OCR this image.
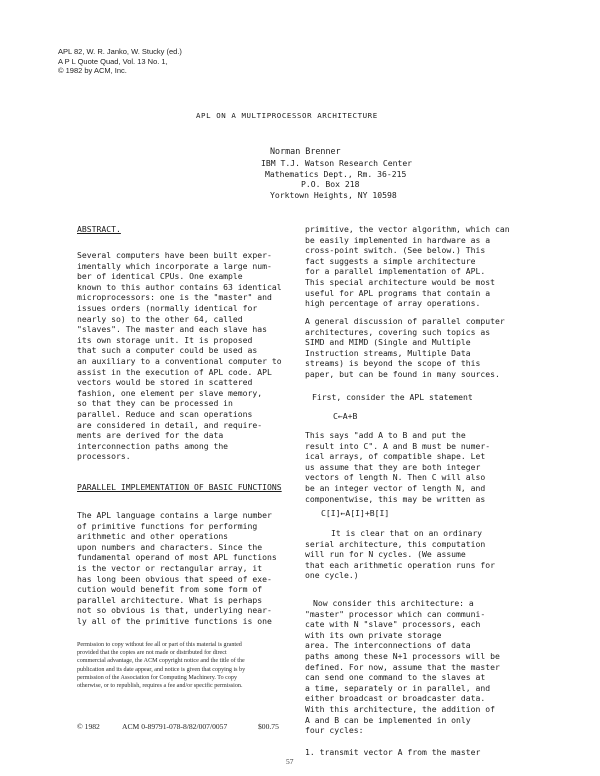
APL 82, W. R. Janko, W. Stucky (ed.)
A P L Quote Quad, Vol. 13 No. 1,
© 1982 by ACM, Inc.
APL ON A MULTIPROCESSOR ARCHITECTURE
Norman Brenner
IBM T.J. Watson Research Center
Mathematics Dept., Rm. 36-215
P.O. Box 218
Yorktown Heights, NY 10598
ABSTRACT.
Several computers have been built exper-
imentally which incorporate a large num-
ber of identical CPUs. One example
known to this author contains 63 identical
microprocessors: one is the "master" and
issues orders (normally identical for
nearly so) to the other 64, called
"slaves". The master and each slave has
its own storage unit. It is proposed
that such a computer could be used as
an auxiliary to a conventional computer to
assist in the execution of APL code. APL
vectors would be stored in scattered
fashion, one element per slave memory,
so that they can be processed in
parallel. Reduce and scan operations
are considered in detail, and require-
ments are derived for the data
interconnection paths among the
processors.
PARALLEL IMPLEMENTATION OF BASIC FUNCTIONS
The APL language contains a large number
of primitive functions for performing
arithmetic and other operations
upon numbers and characters. Since the
fundamental operand of most APL functions
is the vector or rectangular array, it
has long been obvious that speed of exe-
cution would benefit from some form of
parallel architecture. What is perhaps
not so obvious is that, underlying near-
ly all of the primitive functions is one
Permission to copy without fee all or part of this material is granted
provided that the copies are not made or distributed for direct
commercial advantage, the ACM copyright notice and the title of the
publication and its date appear, and notice is given that copying is by
permission of the Association for Computing Machinery. To copy
otherwise, or to republish, requires a fee and/or specific permission.
© 1982	ACM 0-89791-078-8/82/007/0057	$00.75
primitive, the vector algorithm, which can
be easily implemented in hardware as a
cross-point switch. (See below.) This
fact suggests a simple architecture
for a parallel implementation of APL.
This special architecture would be most
useful for APL programs that contain a
high percentage of array operations.
A general discussion of parallel computer
architectures, covering such topics as
SIMD and MIMD (Single and Multiple
Instruction streams, Multiple Data
streams) is beyond the scope of this
paper, but can be found in many sources.
First, consider the APL statement
C←A+B
This says "add A to B and put the
result into C". A and B must be numer-
ical arrays, of compatible shape. Let
us assume that they are both integer
vectors of length N. Then C will also
be an integer vector of length N, and
componentwise, this may be written as
C[I]←A[I]+B[I]
It is clear that on an ordinary
serial architecture, this computation
will run for N cycles. (We assume
that each arithmetic operation runs for
one cycle.)
Now consider this architecture: a
"master" processor which can communi-
cate with N "slave" processors, each
with its own private storage
area. The interconnections of data
paths among these N+1 processors will be
defined. For now, assume that the master
can send one command to the slaves at
a time, separately or in parallel, and
either broadcast or broadcaster data.
With this architecture, the addition of
A and B can be implemented in only
four cycles:
1. transmit vector A from the master
57
